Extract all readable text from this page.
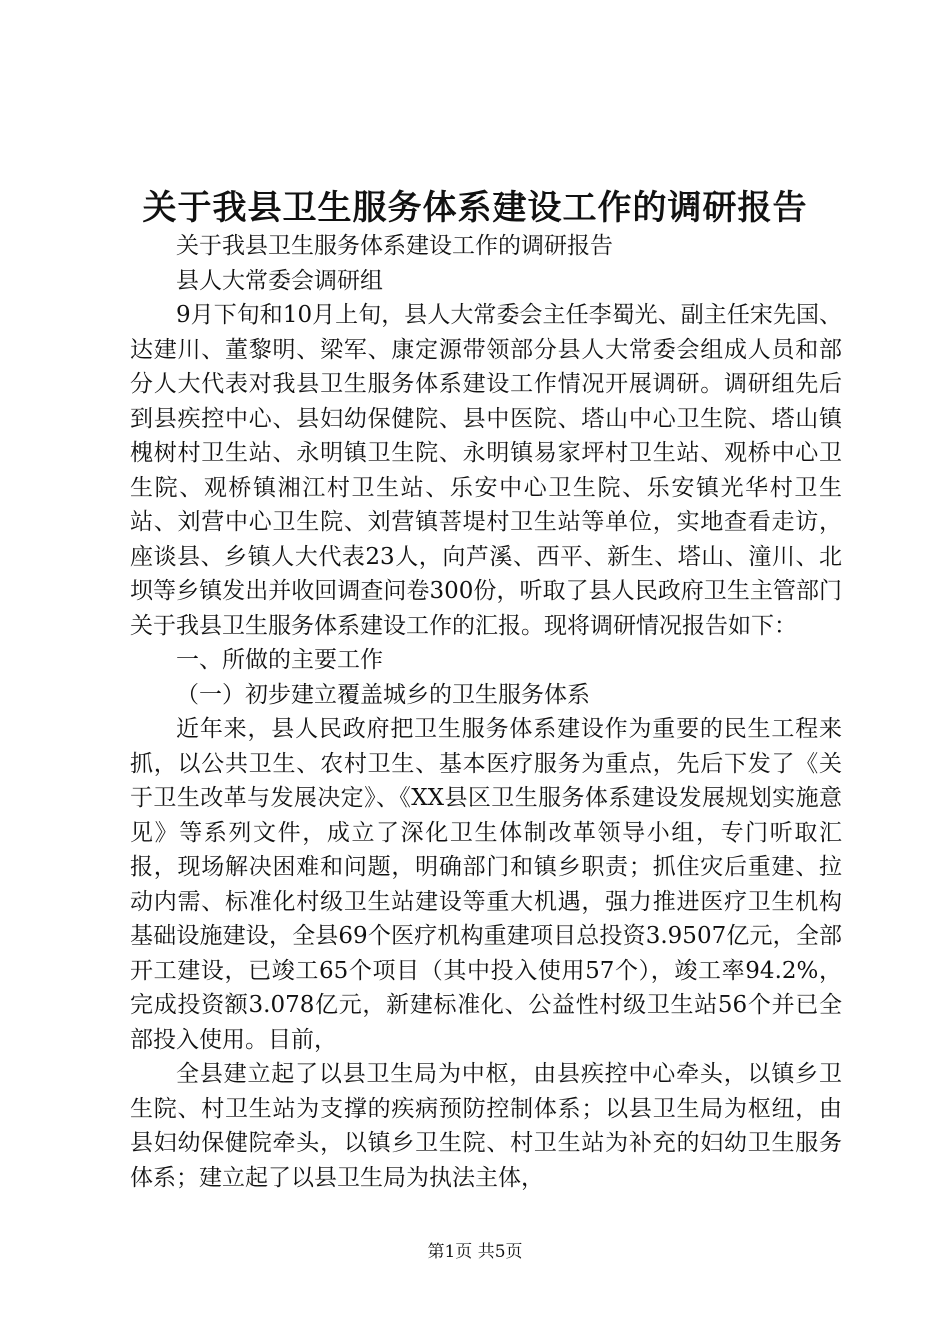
关于我县卫生服务体系建设工作的调研报告

关于我县卫生服务体系建设工作的调研报告

县人大常委会调研组

9月下旬和10月上旬，县人大常委会主任李蜀光、副主任宋先国、达建川、董黎明、梁军、康定源带领部分县人大常委会组成人员和部分人大代表对我县卫生服务体系建设工作情况开展调研。调研组先后到县疾控中心、县妇幼保健院、县中医院、塔山中心卫生院、塔山镇槐树村卫生站、永明镇卫生院、永明镇易家坪村卫生站、观桥中心卫生院、观桥镇湘江村卫生站、乐安中心卫生院、乐安镇光华村卫生站、刘营中心卫生院、刘营镇菩堤村卫生站等单位，实地查看走访，座谈县、乡镇人大代表23人，向芦溪、西平、新生、塔山、潼川、北坝等乡镇发出并收回调查问卷300份，听取了县人民政府卫生主管部门关于我县卫生服务体系建设工作的汇报。现将调研情况报告如下：

一、所做的主要工作

（一）初步建立覆盖城乡的卫生服务体系

近年来，县人民政府把卫生服务体系建设作为重要的民生工程来抓，以公共卫生、农村卫生、基本医疗服务为重点，先后下发了《关于卫生改革与发展决定》、《XX县区卫生服务体系建设发展规划实施意见》等系列文件，成立了深化卫生体制改革领导小组，专门听取汇报，现场解决困难和问题，明确部门和镇乡职责；抓住灾后重建、拉动内需、标准化村级卫生站建设等重大机遇，强力推进医疗卫生机构基础设施建设，全县69个医疗机构重建项目总投资3.9507亿元，全部开工建设，已竣工65个项目（其中投入使用57个），竣工率94.2%，完成投资额3.078亿元，新建标准化、公益性村级卫生站56个并已全部投入使用。目前，

全县建立起了以县卫生局为中枢，由县疾控中心牵头，以镇乡卫生院、村卫生站为支撑的疾病预防控制体系；以县卫生局为枢纽，由县妇幼保健院牵头，以镇乡卫生院、村卫生站为补充的妇幼卫生服务体系；建立起了以县卫生局为执法主体，

第1页 共5页
